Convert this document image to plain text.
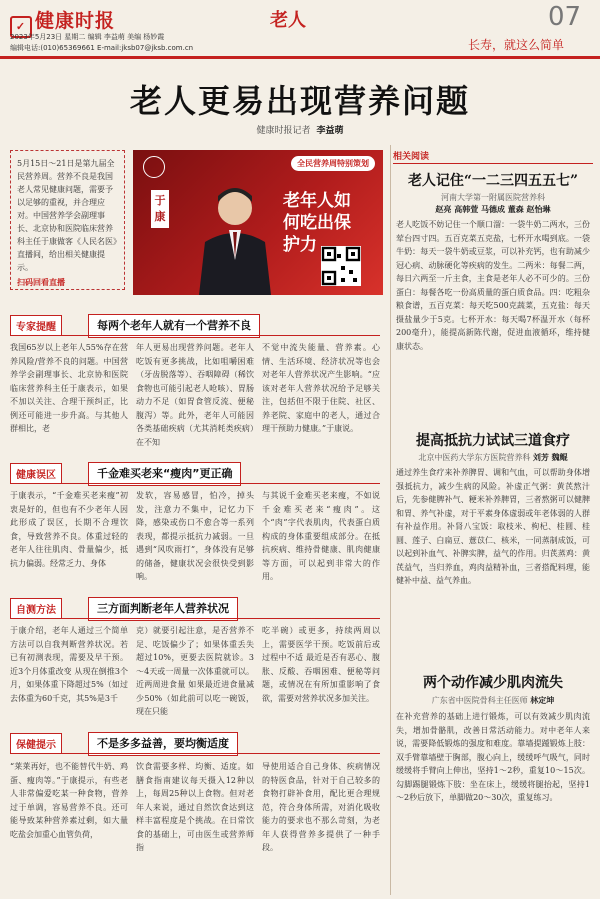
✓ 健康时报	老人	07
2023年5月23日 星期二 编辑 李益萌 美编 杨妙霞
编辑电话:(010)65369661 E-mail:jksb07@jksb.com.cn	长寿，就这么简单
老人更易出现营养问题
健康时报记者 李益萌
5月15日～21日是第九届全民营养周。营养不良是我国老人常见健康问题，需要予以足够的重视，并合理应对。中国营养学会副理事长、北京协和医院临床营养科主任于康做客《人民名医》直播间，给出相关健康提示。
扫码回看直播
全民营养周特别策划
于康
老年人如何吃出保护力
专家提醒	每两个老年人就有一个营养不良
我国65岁以上老年人55%存在营养风险/营养不良的问题。中国营养学会副理事长、北京协和医院临床营养科主任于康表示，如果不加以关注、合理干预纠正，比例还可能进一步升高。与其他人群相比，老
年人更易出现营养问题。老年人吃饭有更多挑战，比如咀嚼困难（牙齿脱落等）、吞咽障碍（稀饮食物也可能引起老人呛咳）、胃肠动力不足（如胃食管反流、便秘腹泻）等。此外，老年人可能因各类基础疾病（尤其消耗类疾病）在不知
不觉中流失能量、营养素。心情、生活环境、经济状况等也会对老年人营养状况产生影响。“应该对老年人营养状况给予足够关注，包括但不限于住院、社区、养老院、家庭中的老人，通过合理干预助力健康。”于康说。
健康误区	千金难买老来“瘦肉”更正确
于康表示，“千金难买老来瘦”初衷是好的，但也有不少老年人因此形成了误区，长期不合理饮食，导致营养不良。体重过轻的老年人往往肌肉、骨量偏少，抵抗力偏弱。经常乏力、身体
发软，容易感冒，怕冷，掉头发，注意力不集中，记忆力下降，感染或伤口不愈合等一系列表现，都提示抵抗力减弱。一旦遇到“风吹雨打”，身体没有足够的储备，健康状况会很快受到影响。
与其说千金难买老来瘦，不如说千金难买老来“瘦肉”。这个“肉”字代表肌肉，代表蛋白质构成的身体重要组成部分。在抵抗疾病、维持骨健康、肌肉健康等方面，可以起到非常大的作用。
自测方法	三方面判断老年人营养状况
于康介绍，老年人通过三个简单方法可以自我判断营养状况。若已有初测表现，需要及早干预。近3个月体重改变 从现在倒推3个月，如果体重下降超过5%（如过去体重为60千克，其5%是3千
克）就要引起注意，是否营养不足、吃饭偏少了；如果体重丢失超过10%，更要去医院就诊。3～4天或一周量一次体重就可以。近两周进食量 如果最近进食量减少50%（如此前可以吃一碗饭，现在只能
吃半碗）或更多，持续两周以上，需要医学干预。吃饭前后或过程中不适 最近是否有恶心、腹胀、反酸、吞咽困难、便秘等问题，或情况在有所加重影响了食欲，需要对营养状况多加关注。
保健提示	不是多多益善，要均衡适度
“莱莱再好，也不能替代牛奶、鸡蛋、瘦肉等。”于康提示，有些老人非常偏爱吃某一种食物，营养过于单调，容易营养不良。还可能导致某种营养素过剩，如大量吃盐会加重心血管负荷，
饮食需要多样、均衡、适度。如膳食指南建议每天摄入12种以上，每周25种以上食物。但对老年人来说，通过自然饮食达到这样丰富程度是个挑战。在日常饮食的基础上，可由医生或营养师指
导使用适合自己身体、疾病情况的特医食品，针对于自己较多的食物打辟补食用，配比更合理规范，符合身体所需，对消化吸收能力的要求也不那么苛刻，为老年人获得营养多提供了一种手段。
相关阅读
老人记住“一二三四五五七”
河南大学第一附属医院营养科
赵亮 高韩萱 马德成 董森 赵怡琳
老人吃饭不妨记住一个顺口溜：一袋牛奶二两水，三份荤台四寸四。五百克菜五克盐，七杯开水喝到底。一袋牛奶：每天一袋牛奶或豆浆，可以补充钙，也有助减少冠心病、动脉硬化等疾病的发生。二两米：每餐二两，每日六两至一斤主食，主食是老年人必不可少的。三份蛋白：每餐各吃一份高质量的蛋白质食品。四：吃粗杂粮食谱，五百克菜：每天吃500克蔬菜，五克盐：每天摄盐量少于5克。七杯开水：每天喝7杯温开水（每杯200毫升），能提高新陈代谢，促进血液循环，维持健康状态。
提高抵抗力试试三道食疗
北京中医药大学东方医院营养科 刘芳 魏鲲
通过养生食疗来补养脾胃、调和气血，可以帮助身体增强抵抗力，减少生病的风险。补虚正气粥：黄芪熬汁后，先参健脾补气、粳米补养脾胃，三者熬粥可以健脾和胃、养气补虚，对于平素身体虚弱或年老体弱的人群有补益作用。补肾八宝饭：取枝米、枸杞、桂圆、桂圆、莲子、白扁豆、薏苡仁、核米，一同蒸制成饭，可以起到补血气、补脾实脾，益气的作用。归芪蒸鸡：黄芪益气，当归养血，鸡肉益精补血，三者搭配料理，能健补中益、益气养血。
两个动作减少肌肉流失
广东省中医院骨科主任医师 林定坤
在补充营养的基础上进行锻炼，可以有效减少肌肉流失，增加骨骼肌，改善日常活动能力。对中老年人来说，需要降低锻炼的强度和难度。靠墙提踵锻炼上肢：双手臂靠墙壁于胸部，腹心向上，缓缓呼气吸气，同时缓缓将手臂向上伸出，坚持1～2秒，重复10～15次。勾脚踢腿锻炼下肢：坐在床上，缓缓将腿抬起，坚持1～2秒后放下，单脚做20～30次，重复练习。
